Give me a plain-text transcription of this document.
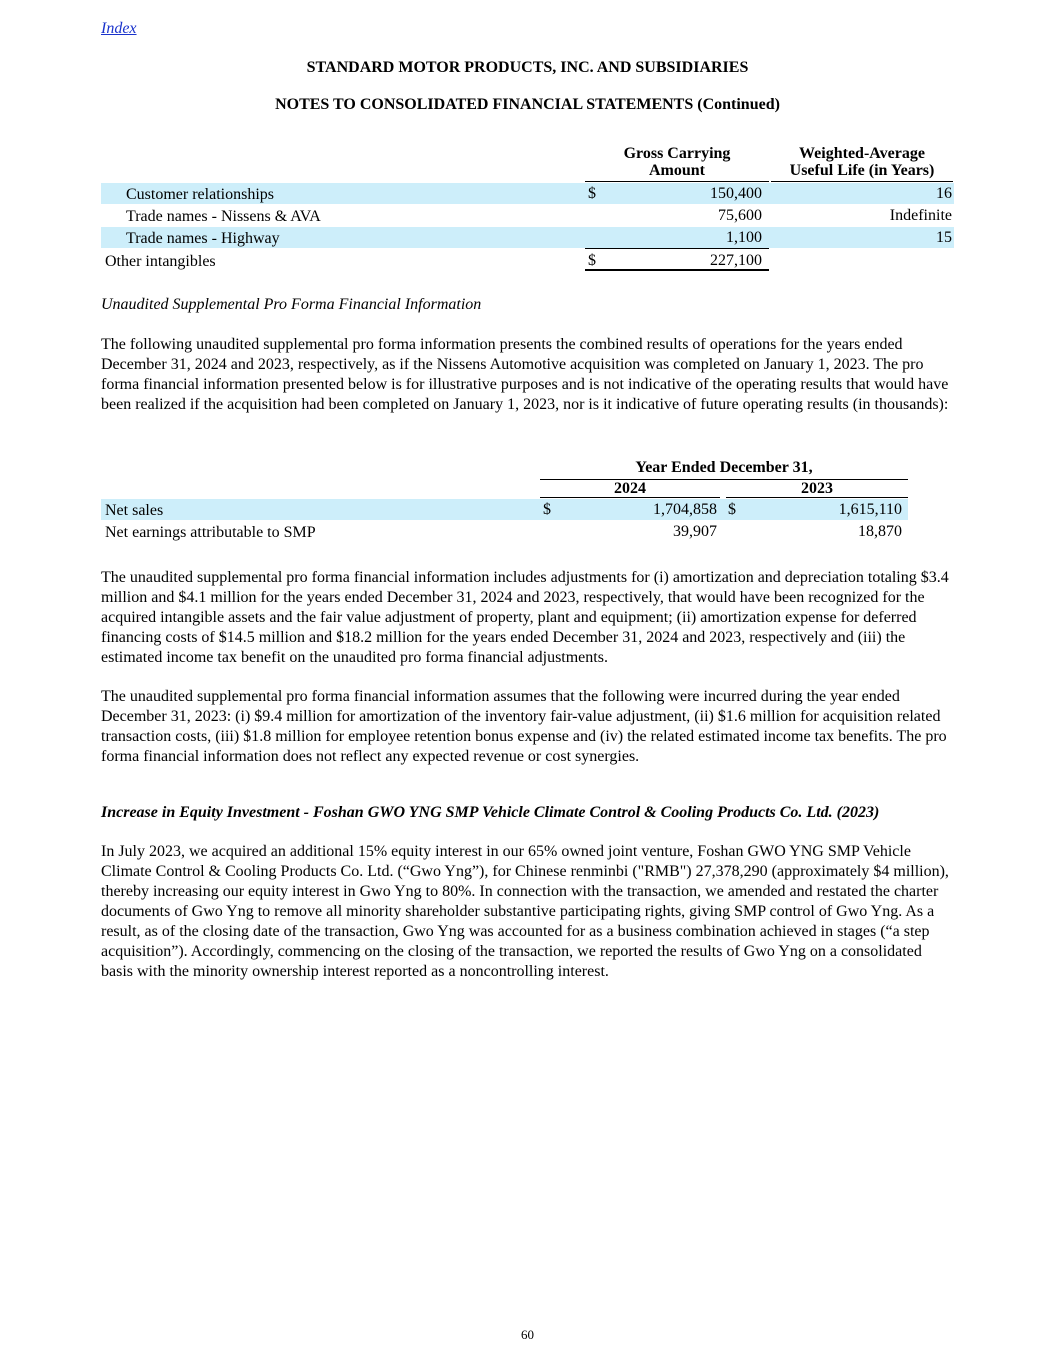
Index
STANDARD MOTOR PRODUCTS, INC. AND SUBSIDIARIES
NOTES TO CONSOLIDATED FINANCIAL STATEMENTS (Continued)
Gross Carrying
Amount
Weighted-Average
Useful Life (in Years)
Customer relationships	$	150,400	16
Trade names - Nissens & AVA	75,600	Indefinite
Trade names - Highway	1,100	15
Other intangibles	$	227,100
Unaudited Supplemental Pro Forma Financial Information
The following unaudited supplemental pro forma information presents the combined results of operations for the years ended December 31, 2024 and 2023, respectively, as if the Nissens Automotive acquisition was completed on January 1, 2023. The pro forma financial information presented below is for illustrative purposes and is not indicative of the operating results that would have been realized if the acquisition had been completed on January 1, 2023, nor is it indicative of future operating results (in thousands):
Year Ended December 31,
2024	2023
Net sales	$	1,704,858 $	1,615,110
Net earnings attributable to SMP	39,907	18,870
The unaudited supplemental pro forma financial information includes adjustments for (i) amortization and depreciation totaling $3.4 million and $4.1 million for the years ended December 31, 2024 and 2023, respectively, that would have been recognized for the acquired intangible assets and the fair value adjustment of property, plant and equipment; (ii) amortization expense for deferred financing costs of $14.5 million and $18.2 million for the years ended December 31, 2024 and 2023, respectively and (iii) the estimated income tax benefit on the unaudited pro forma financial adjustments.
The unaudited supplemental pro forma financial information assumes that the following were incurred during the year ended December 31, 2023: (i) $9.4 million for amortization of the inventory fair-value adjustment, (ii) $1.6 million for acquisition related transaction costs, (iii) $1.8 million for employee retention bonus expense and (iv) the related estimated income tax benefits. The pro forma financial information does not reflect any expected revenue or cost synergies.
Increase in Equity Investment - Foshan GWO YNG SMP Vehicle Climate Control & Cooling Products Co. Ltd. (2023)
In July 2023, we acquired an additional 15% equity interest in our 65% owned joint venture, Foshan GWO YNG SMP Vehicle Climate Control & Cooling Products Co. Ltd. (“Gwo Yng”), for Chinese renminbi ("RMB") 27,378,290 (approximately $4 million), thereby increasing our equity interest in Gwo Yng to 80%. In connection with the transaction, we amended and restated the charter documents of Gwo Yng to remove all minority shareholder substantive participating rights, giving SMP control of Gwo Yng. As a result, as of the closing date of the transaction, Gwo Yng was accounted for as a business combination achieved in stages (“a step acquisition”). Accordingly, commencing on the closing of the transaction, we reported the results of Gwo Yng on a consolidated basis with the minority ownership interest reported as a noncontrolling interest.
60
